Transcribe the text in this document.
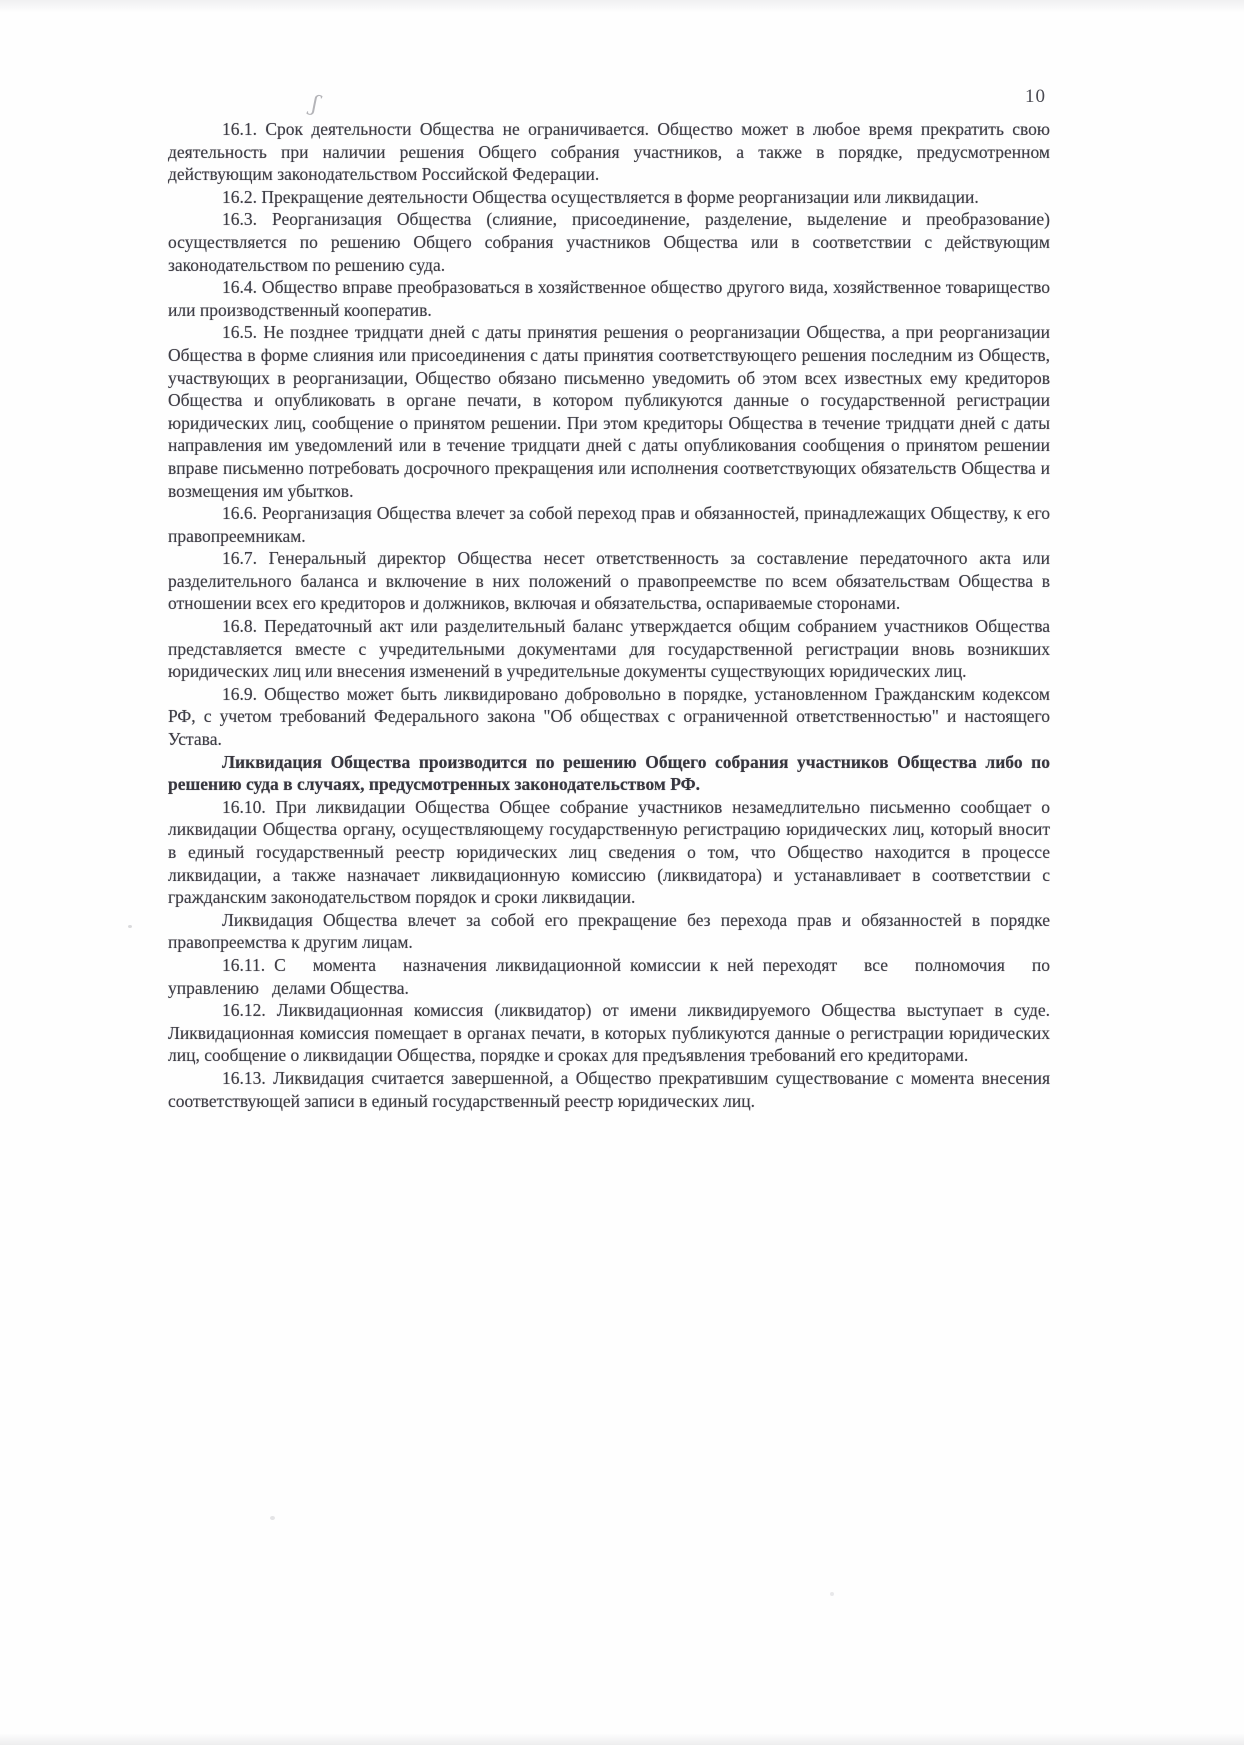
10
ʃ

16.1. Срок деятельности Общества не ограничивается. Общество может в любое время прекратить свою деятельность при наличии решения Общего собрания участников, а также в порядке, предусмотренном действующим законодательством Российской Федерации.

16.2. Прекращение деятельности Общества осуществляется в форме реорганизации или ликвидации.

16.3. Реорганизация Общества (слияние, присоединение, разделение, выделение и преобразование) осуществляется по решению Общего собрания участников Общества или в соответствии с действующим законодательством по решению суда.

16.4. Общество вправе преобразоваться в хозяйственное общество другого вида, хозяйственное товарищество или производственный кооператив.

16.5. Не позднее тридцати дней с даты принятия решения о реорганизации Общества, а при реорганизации Общества в форме слияния или присоединения с даты принятия соответствующего решения последним из Обществ, участвующих в реорганизации, Общество обязано письменно уведомить об этом всех известных ему кредиторов Общества и опубликовать в органе печати, в котором публикуются данные о государственной регистрации юридических лиц, сообщение о принятом решении. При этом кредиторы Общества в течение тридцати дней с даты направления им уведомлений или в течение тридцати дней с даты опубликования сообщения о принятом решении вправе письменно потребовать досрочного прекращения или исполнения соответствующих обязательств Общества и возмещения им убытков.

16.6. Реорганизация Общества влечет за собой переход прав и обязанностей, принадлежащих Обществу, к его правопреемникам.

16.7. Генеральный директор Общества несет ответственность за составление передаточного акта или разделительного баланса и включение в них положений о правопреемстве по всем обязательствам Общества в отношении всех его кредиторов и должников, включая и обязательства, оспариваемые сторонами.

16.8. Передаточный акт или разделительный баланс утверждается общим собранием участников Общества представляется вместе с учредительными документами для государственной регистрации вновь возникших юридических лиц или внесения изменений в учредительные документы существующих юридических лиц.

16.9. Общество может быть ликвидировано добровольно в порядке, установленном Гражданским кодексом РФ, с учетом требований Федерального закона "Об обществах с ограниченной ответственностью" и настоящего Устава.

Ликвидация Общества производится по решению Общего собрания участников Общества либо по решению суда в случаях, предусмотренных законодательством РФ.

16.10. При ликвидации Общества Общее собрание участников незамедлительно письменно сообщает о ликвидации Общества органу, осуществляющему государственную регистрацию юридических лиц, который вносит в единый государственный реестр юридических лиц сведения о том, что Общество находится в процессе ликвидации, а также назначает ликвидационную комиссию (ликвидатора) и устанавливает в соответствии с гражданским законодательством порядок и сроки ликвидации.

Ликвидация Общества влечет за собой его прекращение без перехода прав и обязанностей в порядке правопреемства к другим лицам.

16.11. С   момента   назначения ликвидационной комиссии к ней переходят   все   полномочия   по управлению   делами Общества.

16.12. Ликвидационная комиссия (ликвидатор) от имени ликвидируемого Общества выступает в суде. Ликвидационная комиссия помещает в органах печати, в которых публикуются данные о регистрации юридических лиц, сообщение о ликвидации Общества, порядке и сроках для предъявления требований его кредиторами.

16.13. Ликвидация считается завершенной, а Общество прекратившим существование с момента внесения соответствующей записи в единый государственный реестр юридических лиц.
